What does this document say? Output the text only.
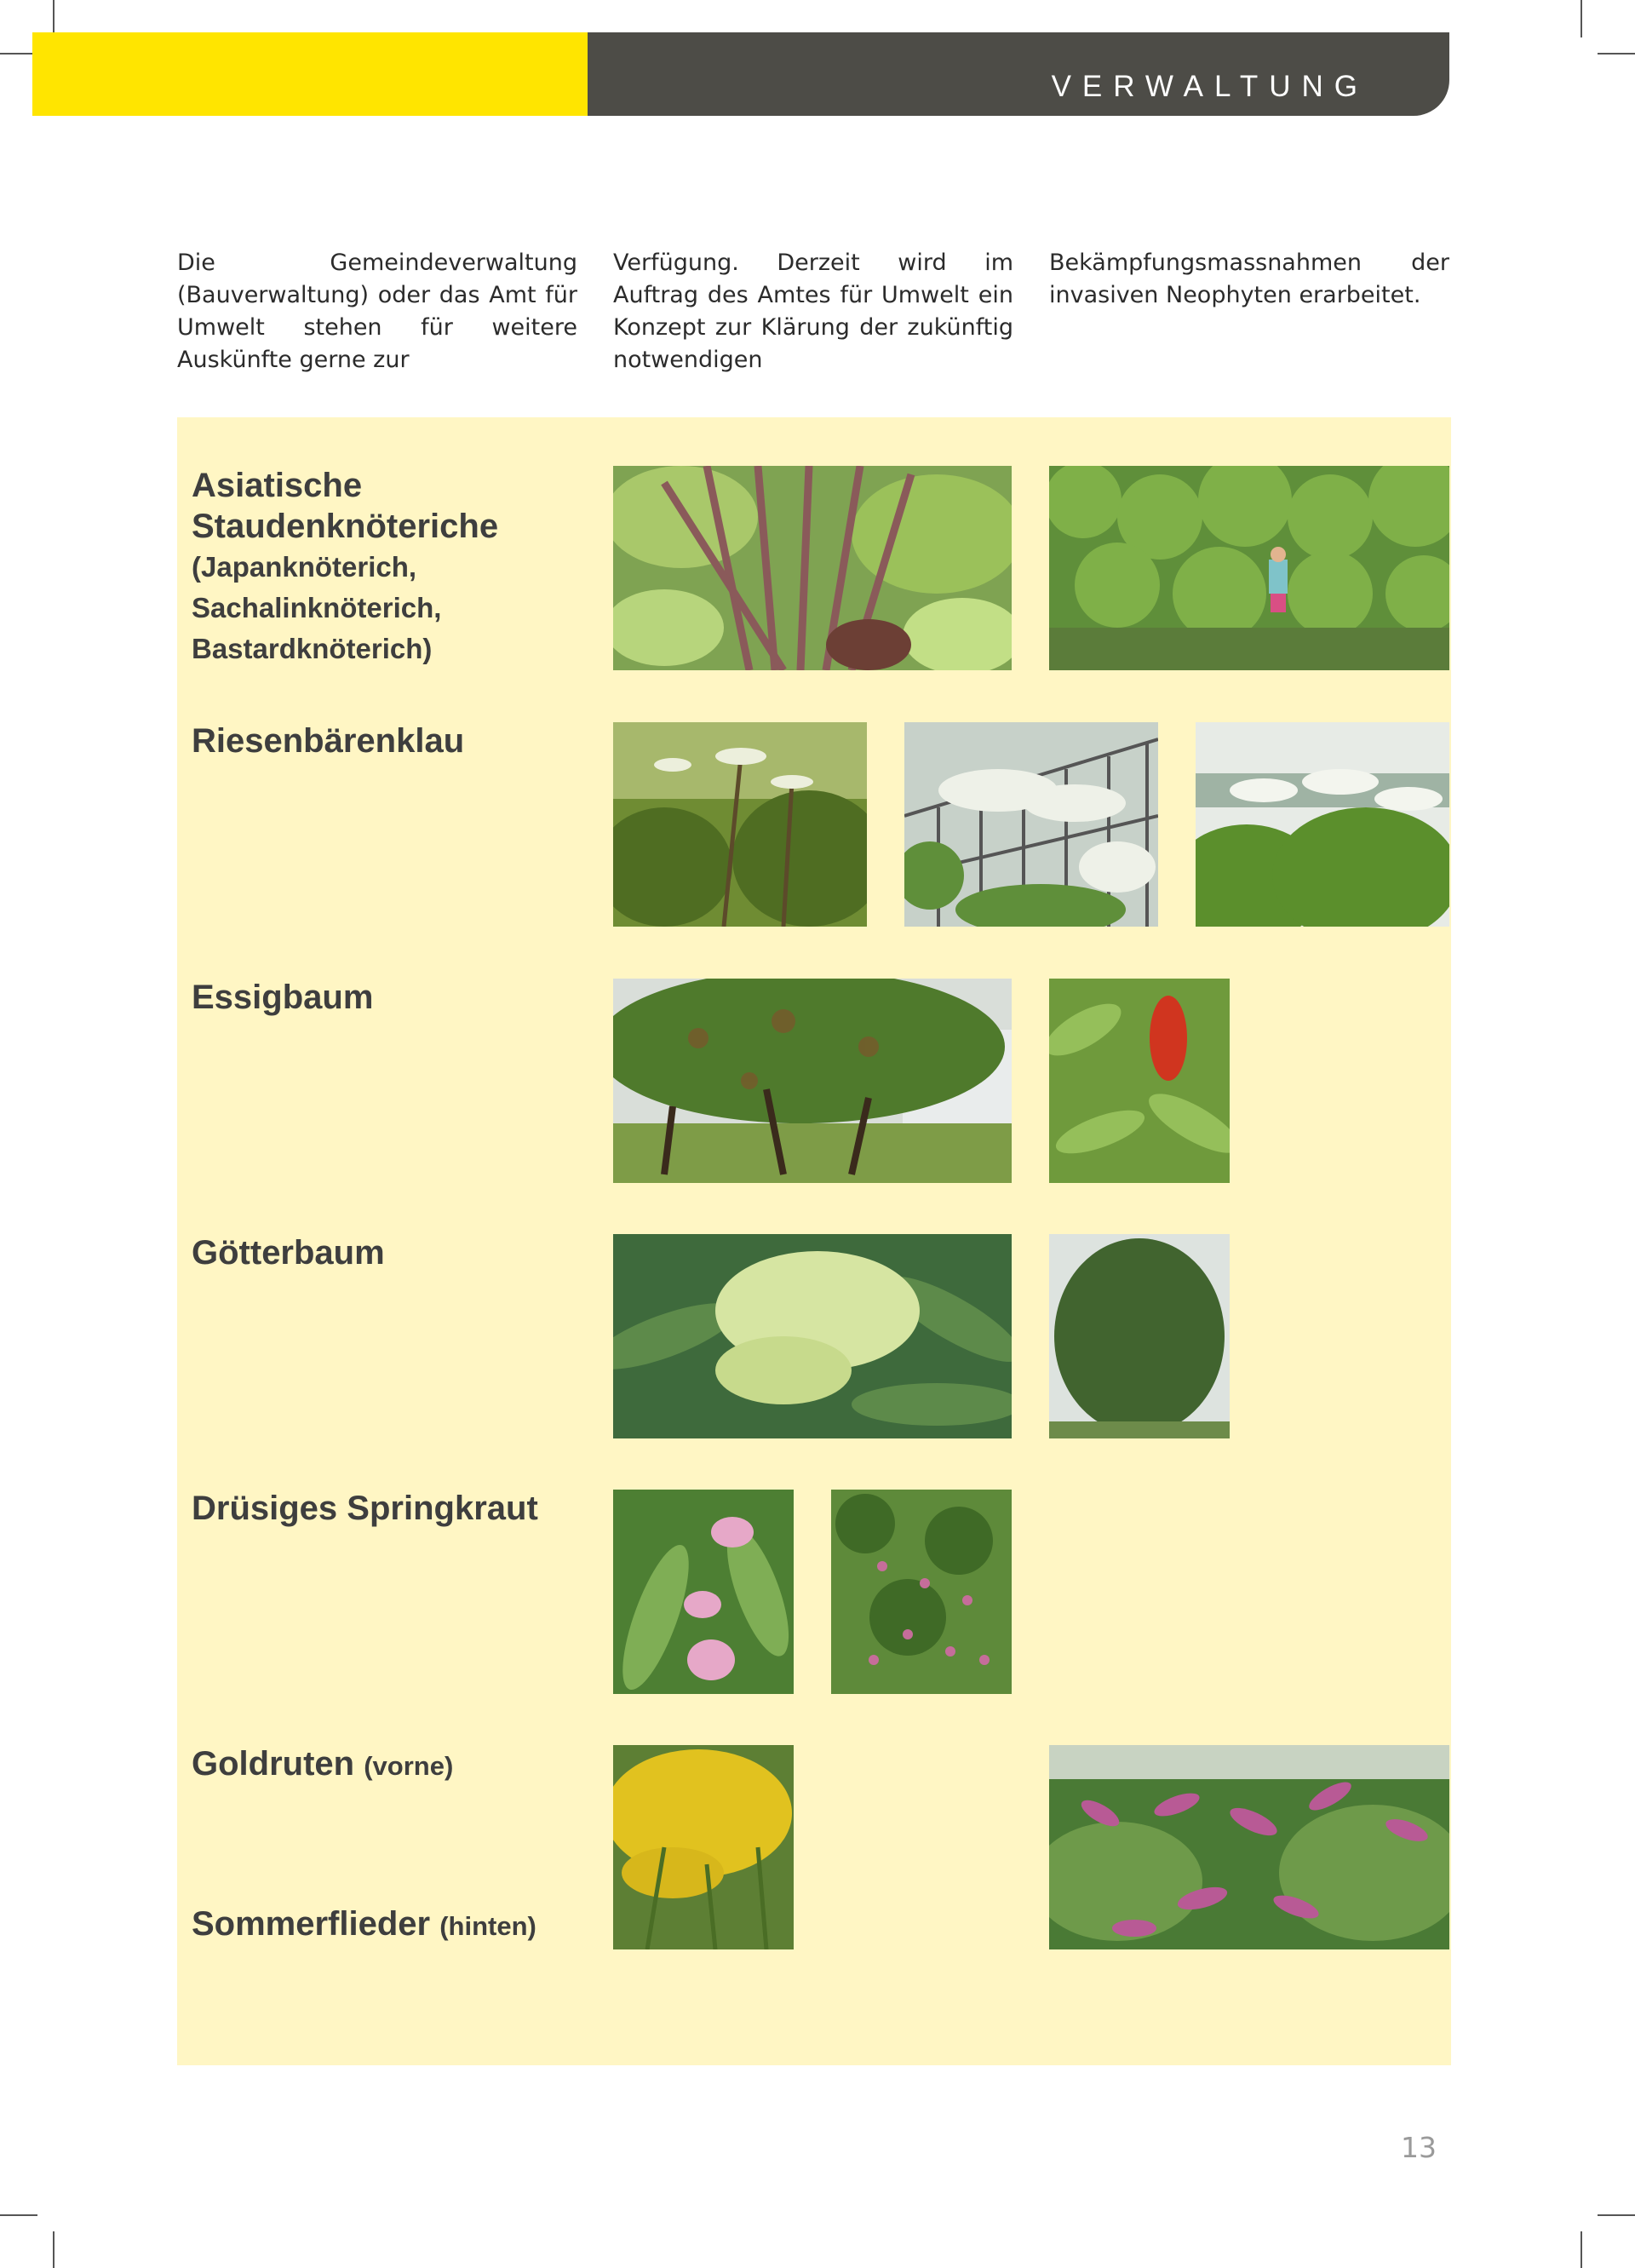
VERWALTUNG

Die Gemeindeverwaltung (Bauverwaltung) oder das Amt für Umwelt stehen für weitere Auskünfte gerne zur

Verfügung. Derzeit wird im Auftrag des Amtes für Umwelt ein Konzept zur Klärung der zukünftig notwendigen

Bekämpfungsmassnahmen der invasiven Neophyten erarbeitet.

Asiatische
Staudenknöteriche
(Japanknöterich,
Sachalinknöterich,
Bastardknöterich)
Riesenbärenklau
Essigbaum
Götterbaum
Drüsiges Springkraut
Goldruten (vorne)
Sommerflieder (hinten)
13
